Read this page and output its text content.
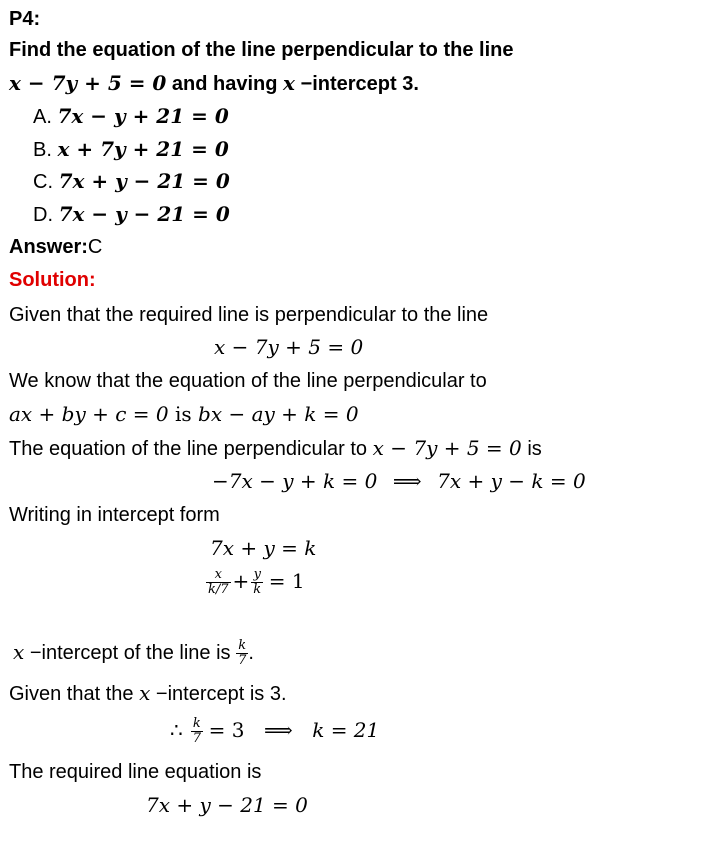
P4:
Find the equation of the line perpendicular to the line
x − 7y + 5 = 0 and having x −intercept 3.
A. 7x − y + 21 = 0
B. x + 7y + 21 = 0
C. 7x + y − 21 = 0
D. 7x − y − 21 = 0
Answer:C
Solution:
Given that the required line is perpendicular to the line
x − 7y + 5 = 0
We know that the equation of the line perpendicular to
ax + by + c = 0 is bx − ay + k = 0
The equation of the line perpendicular to x − 7y + 5 = 0 is
−7x − y + k = 0 ⟹ 7x + y − k = 0
Writing in intercept form
7x + y = k
$\frac{x}{k/7} + \frac{y}{k} = 1$
x −intercept of the line is $\frac{k}{7}$ .
Given that the x −intercept is 3.
∴ $\frac{k}{7} = 3$ ⟹ k = 21
The required line equation is
7x + y − 21 = 0
